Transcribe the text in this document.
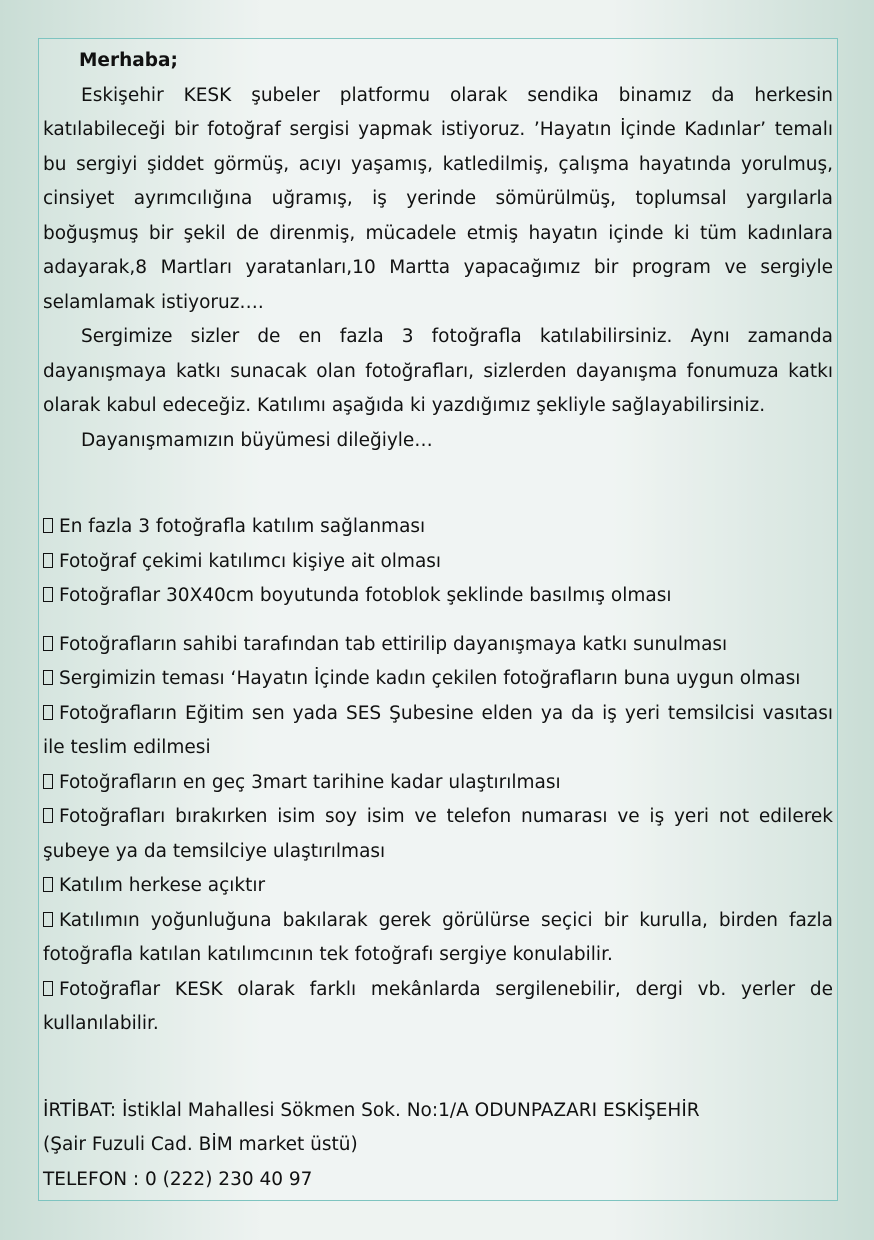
Merhaba;

Eskişehir KESK şubeler platformu olarak sendika binamız da herkesin katılabileceği bir fotoğraf sergisi yapmak istiyoruz. ’Hayatın İçinde Kadınlar’ temalı bu sergiyi şiddet görmüş, acıyı yaşamış, katledilmiş, çalışma hayatında yorulmuş, cinsiyet ayrımcılığına uğramış, iş yerinde sömürülmüş, toplumsal yargılarla boğuşmuş bir şekil de direnmiş, mücadele etmiş hayatın içinde ki tüm kadınlara adayarak,8 Martları yaratanları,10 Martta yapacağımız bir program ve sergiyle selamlamak istiyoruz….

Sergimize sizler de en fazla 3 fotoğrafla katılabilirsiniz. Aynı zamanda dayanışmaya katkı sunacak olan fotoğrafları, sizlerden dayanışma fonumuza katkı olarak kabul edeceğiz. Katılımı aşağıda ki yazdığımız şekliyle sağlayabilirsiniz.

Dayanışmamızın büyümesi dileğiyle…

En fazla 3 fotoğrafla katılım sağlanması

Fotoğraf çekimi katılımcı kişiye ait olması

Fotoğraflar 30X40cm boyutunda fotoblok şeklinde basılmış olması

Fotoğrafların sahibi tarafından tab ettirilip dayanışmaya katkı sunulması

Sergimizin teması ‘Hayatın İçinde kadın çekilen fotoğrafların buna uygun olması

Fotoğrafların Eğitim sen yada SES Şubesine elden ya da iş yeri temsilcisi vasıtası ile teslim edilmesi

Fotoğrafların en geç 3mart tarihine kadar ulaştırılması

Fotoğrafları bırakırken isim soy isim ve telefon numarası ve iş yeri not edilerek şubeye ya da temsilciye ulaştırılması

Katılım herkese açıktır

Katılımın yoğunluğuna bakılarak gerek görülürse seçici bir kurulla, birden fazla fotoğrafla katılan katılımcının tek fotoğrafı sergiye konulabilir.

Fotoğraflar KESK olarak farklı mekânlarda sergilenebilir, dergi vb. yerler de kullanılabilir.

İRTİBAT: İstiklal Mahallesi Sökmen Sok. No:1/A ODUNPAZARI ESKİŞEHİR

(Şair Fuzuli Cad. BİM market üstü)

TELEFON : 0 (222) 230 40 97
